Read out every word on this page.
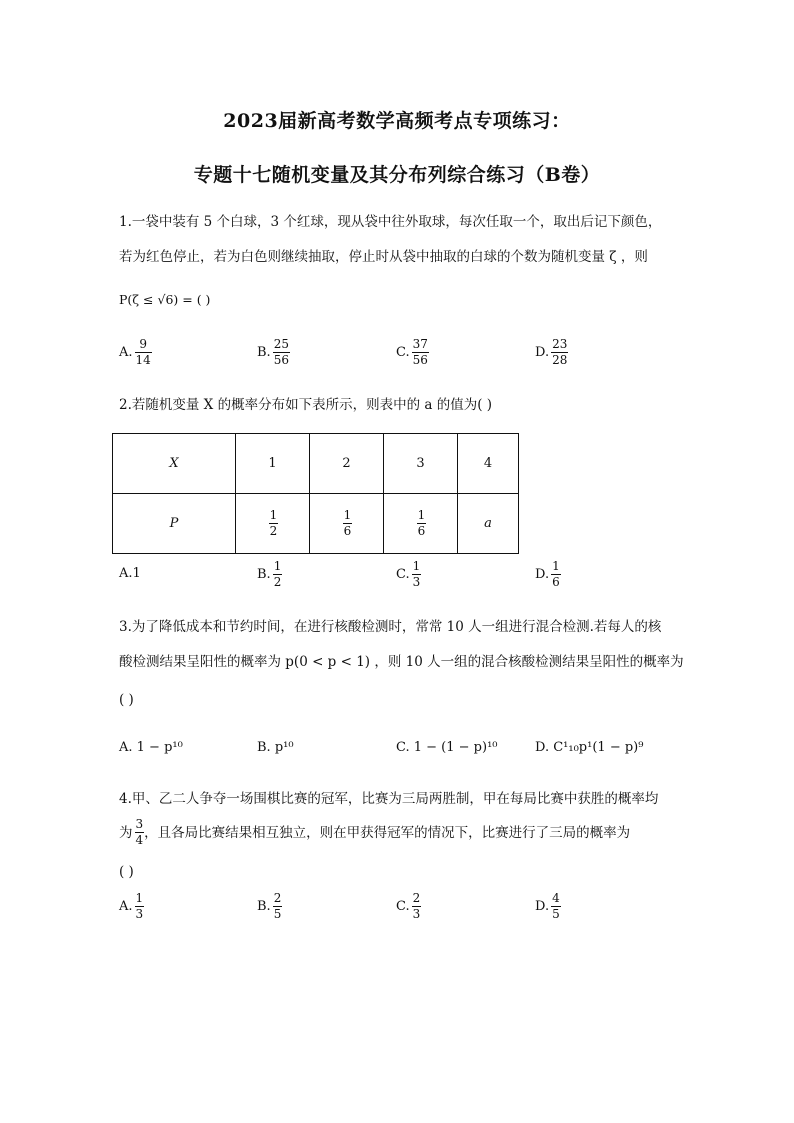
2023届新高考数学高频考点专项练习：
专题十七随机变量及其分布列综合练习（B卷）
1.一袋中装有 5 个白球，3 个红球，现从袋中往外取球，每次任取一个，取出后记下颜色，
若为红色停止，若为白色则继续抽取，停止时从袋中抽取的白球的个数为随机变量 ζ ，则
P(ζ ≤ √6) = ( )
A. $\frac{9}{14}$	B. $\frac{25}{56}$	C. $\frac{37}{56}$	D. $\frac{23}{28}$
2.若随机变量 X 的概率分布如下表所示，则表中的 a 的值为( )
X	1	2	3	4
P	$\frac{1}{2}$	$\frac{1}{6}$	$\frac{1}{6}$	a
A.1	B. $\frac{1}{2}$	C. $\frac{1}{3}$	D. $\frac{1}{6}$
3.为了降低成本和节约时间，在进行核酸检测时，常常 10 人一组进行混合检测.若每人的核
酸检测结果呈阳性的概率为 p(0 < p < 1) ，则 10 人一组的混合核酸检测结果呈阳性的概率为
( )
A. 1 − p¹⁰	B. p¹⁰	C. 1 − (1 − p)¹⁰	D. C¹₁₀p¹(1 − p)⁹
4.甲、乙二人争夺一场围棋比赛的冠军，比赛为三局两胜制，甲在每局比赛中获胜的概率均
为 $\frac{3}{4}$ ，且各局比赛结果相互独立，则在甲获得冠军的情况下，比赛进行了三局的概率为
( )
A. $\frac{1}{3}$	B. $\frac{2}{5}$	C. $\frac{2}{3}$	D. $\frac{4}{5}$
